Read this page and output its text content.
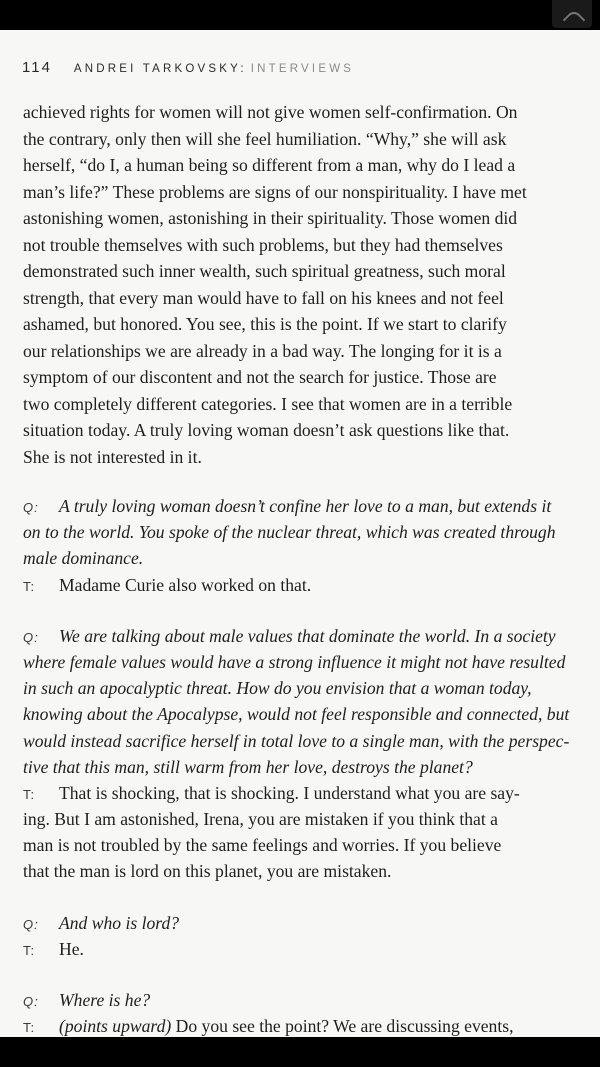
114 ANDREI TARKOVSKY: INTERVIEWS
achieved rights for women will not give women self-confirmation. On
the contrary, only then will she feel humiliation. “Why,” she will ask
herself, “do I, a human being so different from a man, why do I lead a
man’s life?” These problems are signs of our nonspirituality. I have met
astonishing women, astonishing in their spirituality. Those women did
not trouble themselves with such problems, but they had themselves
demonstrated such inner wealth, such spiritual greatness, such moral
strength, that every man would have to fall on his knees and not feel
ashamed, but honored. You see, this is the point. If we start to clarify
our relationships we are already in a bad way. The longing for it is a
symptom of our discontent and not the search for justice. Those are
two completely different categories. I see that women are in a terrible
situation today. A truly loving woman doesn’t ask questions like that.
She is not interested in it.
Q: A truly loving woman doesn’t confine her love to a man, but extends it
on to the world. You spoke of the nuclear threat, which was created through
male dominance.
T: Madame Curie also worked on that.
Q: We are talking about male values that dominate the world. In a society
where female values would have a strong influence it might not have resulted
in such an apocalyptic threat. How do you envision that a woman today,
knowing about the Apocalypse, would not feel responsible and connected, but
would instead sacrifice herself in total love to a single man, with the perspec-
tive that this man, still warm from her love, destroys the planet?
T: That is shocking, that is shocking. I understand what you are say-
ing. But I am astonished, Irena, you are mistaken if you think that a
man is not troubled by the same feelings and worries. If you believe
that the man is lord on this planet, you are mistaken.
Q: And who is lord?
T: He.
Q: Where is he?
T: (points upward) Do you see the point? We are discussing events,
